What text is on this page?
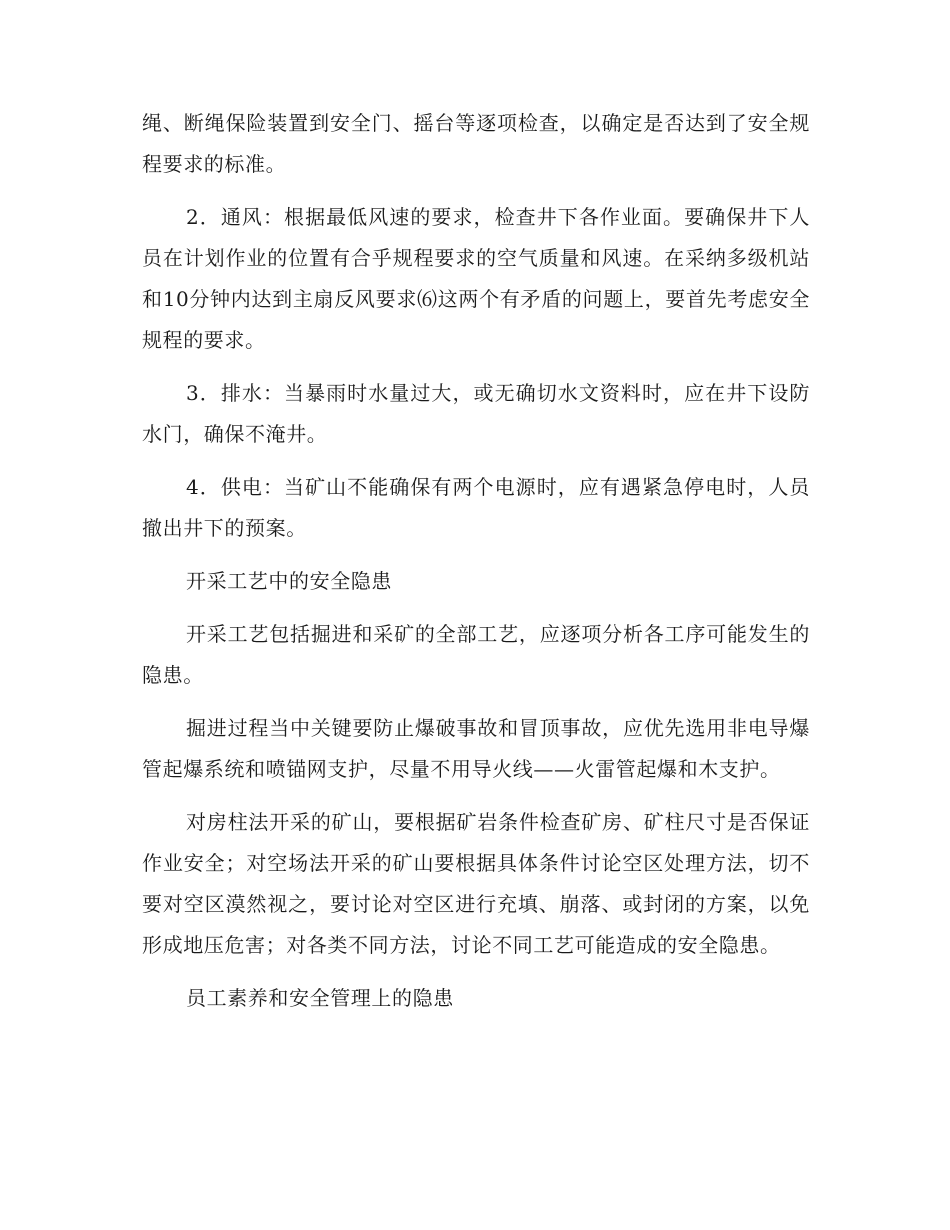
绳、断绳保险装置到安全门、摇台等逐项检查，以确定是否达到了安全规程要求的标准。

2．通风：根据最低风速的要求，检查井下各作业面。要确保井下人员在计划作业的位置有合乎规程要求的空气质量和风速。在采纳多级机站和10分钟内达到主扇反风要求⑹这两个有矛盾的问题上，要首先考虑安全规程的要求。

3．排水：当暴雨时水量过大，或无确切水文资料时，应在井下设防水门，确保不淹井。

4．供电：当矿山不能确保有两个电源时，应有遇紧急停电时，人员撤出井下的预案。

开采工艺中的安全隐患

开采工艺包括掘进和采矿的全部工艺，应逐项分析各工序可能发生的隐患。

掘进过程当中关键要防止爆破事故和冒顶事故，应优先选用非电导爆管起爆系统和喷锚网支护，尽量不用导火线——火雷管起爆和木支护。

对房柱法开采的矿山，要根据矿岩条件检查矿房、矿柱尺寸是否保证作业安全；对空场法开采的矿山要根据具体条件讨论空区处理方法，切不要对空区漠然视之，要讨论对空区进行充填、崩落、或封闭的方案，以免形成地压危害；对各类不同方法，讨论不同工艺可能造成的安全隐患。

员工素养和安全管理上的隐患
